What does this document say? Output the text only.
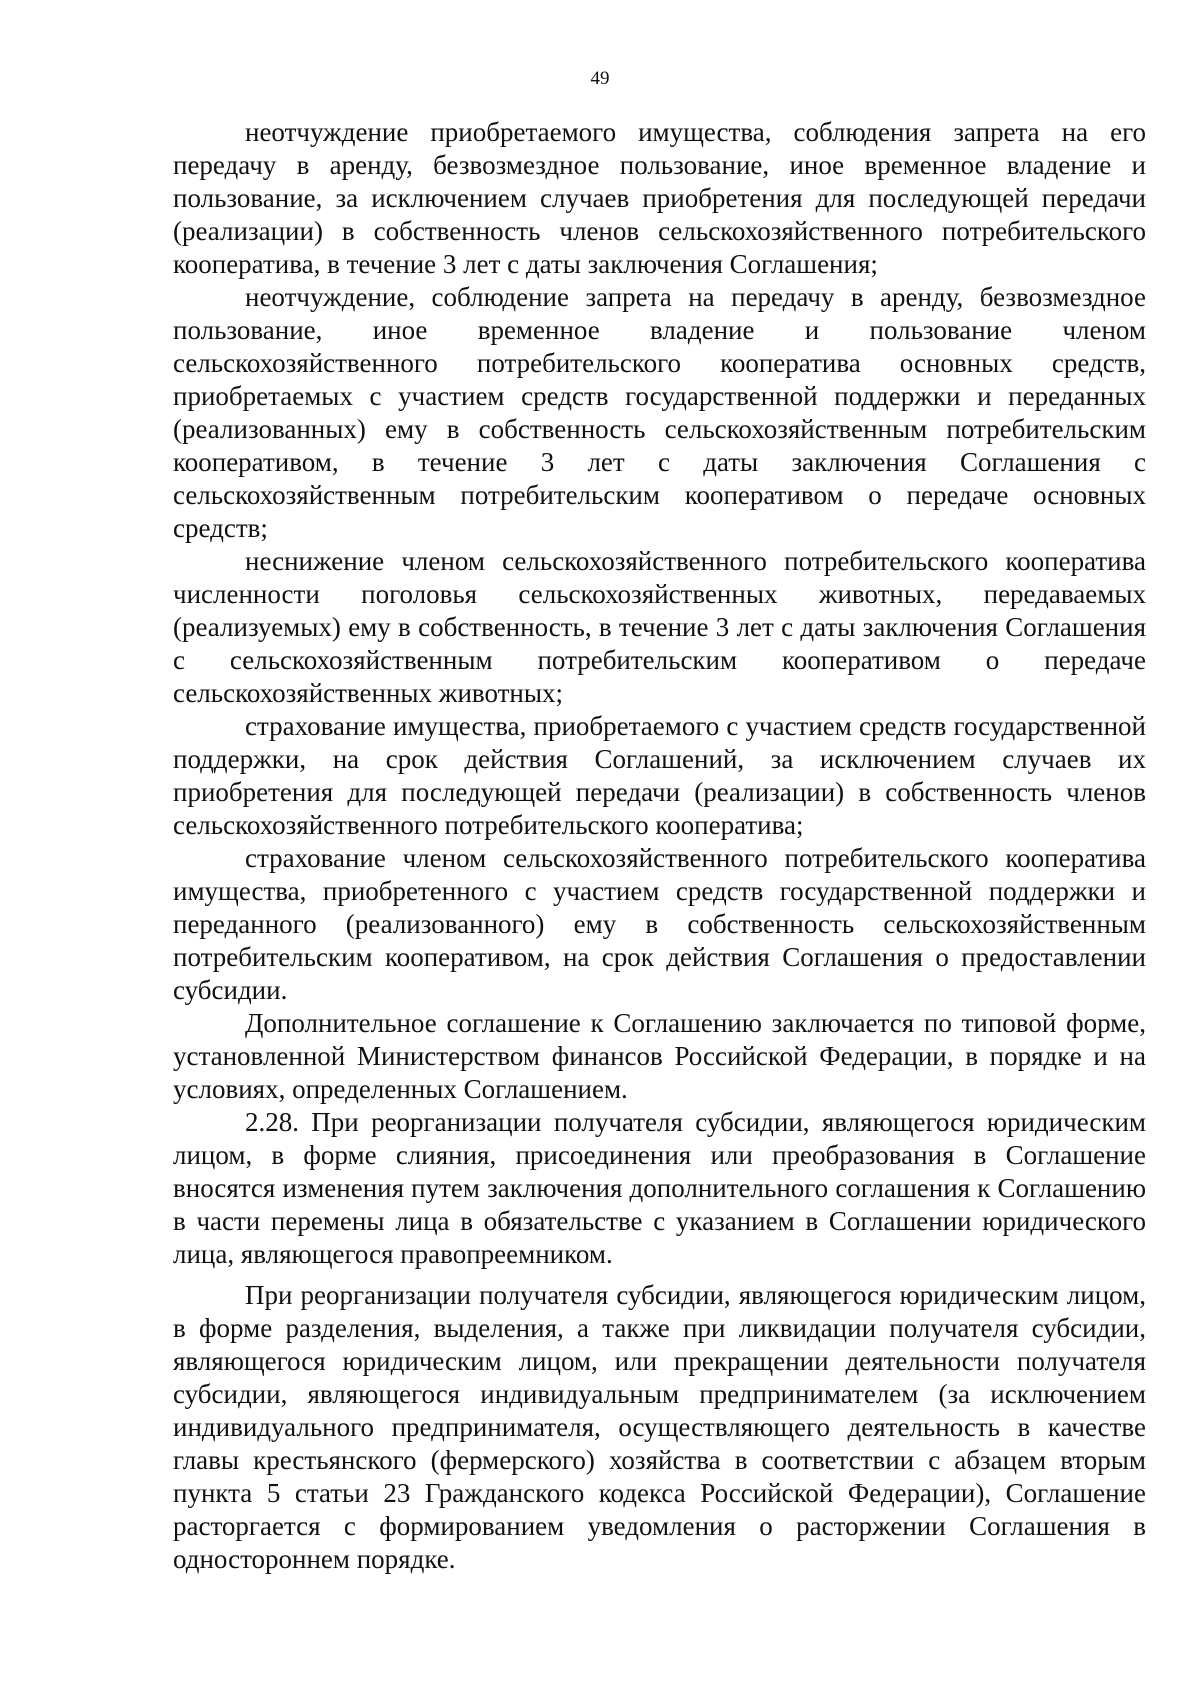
49

неотчуждение приобретаемого имущества, соблюдения запрета на его передачу в аренду, безвозмездное пользование, иное временное владение и пользование, за исключением случаев приобретения для последующей передачи (реализации) в собственность членов сельскохозяйственного потребительского кооператива, в течение 3 лет с даты заключения Соглашения;

неотчуждение, соблюдение запрета на передачу в аренду, безвозмездное пользование, иное временное владение и пользование членом сельскохозяйственного потребительского кооператива основных средств, приобретаемых с участием средств государственной поддержки и переданных (реализованных) ему в собственность сельскохозяйственным потребительским кооперативом, в течение 3 лет с даты заключения Соглашения с сельскохозяйственным потребительским кооперативом о передаче основных средств;

неснижение членом сельскохозяйственного потребительского кооператива численности поголовья сельскохозяйственных животных, передаваемых (реализуемых) ему в собственность, в течение 3 лет с даты заключения Соглашения с сельскохозяйственным потребительским кооперативом о передаче сельскохозяйственных животных;

страхование имущества, приобретаемого с участием средств государственной поддержки, на срок действия Соглашений, за исключением случаев их приобретения для последующей передачи (реализации) в собственность членов сельскохозяйственного потребительского кооператива;

страхование членом сельскохозяйственного потребительского кооператива имущества, приобретенного с участием средств государственной поддержки и переданного (реализованного) ему в собственность сельскохозяйственным потребительским кооперативом, на срок действия Соглашения о предоставлении субсидии.

Дополнительное соглашение к Соглашению заключается по типовой форме, установленной Министерством финансов Российской Федерации, в порядке и на условиях, определенных Соглашением.

2.28. При реорганизации получателя субсидии, являющегося юридическим лицом, в форме слияния, присоединения или преобразования в Соглашение вносятся изменения путем заключения дополнительного соглашения к Соглашению в части перемены лица в обязательстве с указанием в Соглашении юридического лица, являющегося правопреемником.

При реорганизации получателя субсидии, являющегося юридическим лицом, в форме разделения, выделения, а также при ликвидации получателя субсидии, являющегося юридическим лицом, или прекращении деятельности получателя субсидии, являющегося индивидуальным предпринимателем (за исключением индивидуального предпринимателя, осуществляющего деятельность в качестве главы крестьянского (фермерского) хозяйства в соответствии с абзацем вторым пункта 5 статьи 23 Гражданского кодекса Российской Федерации), Соглашение расторгается с формированием уведомления о расторжении Соглашения в одностороннем порядке.
